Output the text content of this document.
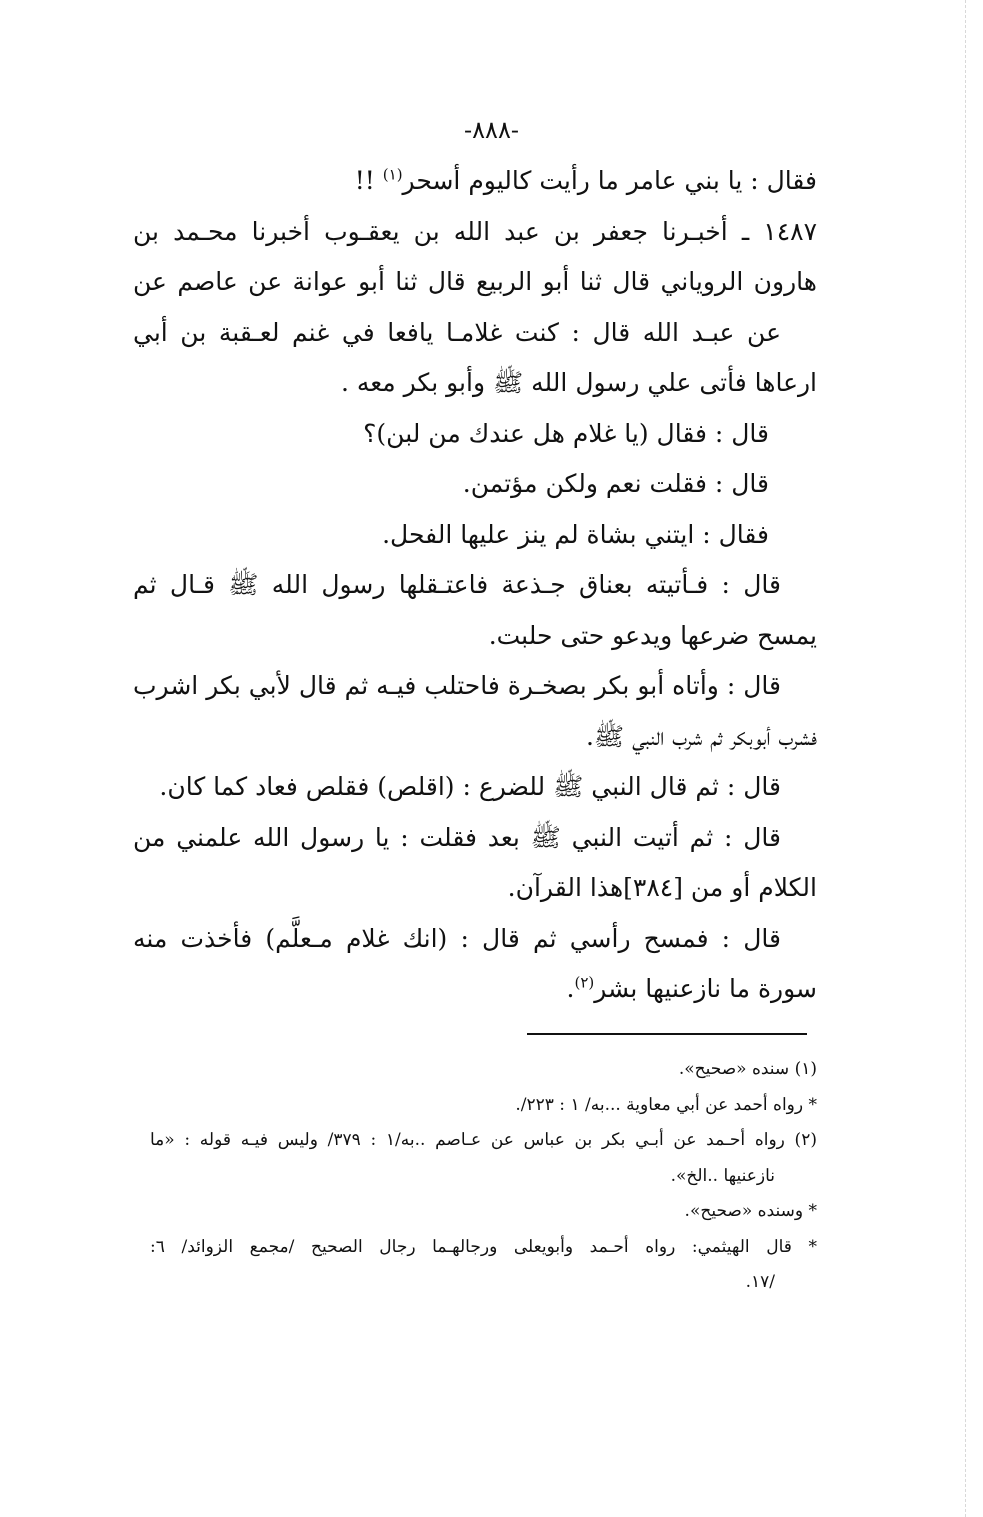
-٨٨٨-
فقال : يا بني عامر ما رأيت كاليوم أسحر$^{(١)}$ !!
١٤٨٧ ـ أخبـرنا جعفر بن عبد الله بن يعقـوب أخبرنا محـمد بن
هارون الروياني قال ثنا أبو الربيع قال ثنا أبو عوانة عن عاصم عن
عن عبـد الله قال : كنت غلامـا يافعا في غنم لعـقبة بن أبي
ارعاها فأتى علي رسول الله ﷺ وأبو بكر معه .
قال : فقال (يا غلام هل عندك من لبن)؟
قال : فقلت نعم ولكن مؤتمن.
فقال : ايتني بشاة لم ينز عليها الفحل.
قال : فـأتيته بعناق جـذعة فاعتـقلها رسول الله ﷺ قـال ثم
يمسح ضرعها ويدعو حتى حلبت.
قال : وأتاه أبو بكر بصخـرة فاحتلب فيـه ثم قال لأبي بكر اشرب
فشرب أبوبكر ثم شرب النبي ﷺ.
قال : ثم قال النبي ﷺ للضرع : (اقلص) فقلص فعاد كما كان.
قال : ثم أتيت النبي ﷺ بعد فقلت : يا رسول الله علمني من
الكلام أو من [٣٨٤]هذا القرآن.
قال : فمسح رأسي ثم قال : (انك غلام مـعلَّم) فأخذت منه
سورة ما نازعنيها بشر$^{(٢)}$.
(١) سنده «صحيح».
* رواه أحمد عن أبي معاوية ...به/ ١ : ٢٢٣/.
(٢) رواه أحـمد عن أبـي بكر بن عباس عن عـاصم ..به/١ : ٣٧٩/ وليس فيـه قوله : «ما
نازعنيها ..الخ».
* وسنده «صحيح».
* قال الهيثمي: رواه أحـمد وأبويعلى ورجالهـما رجال الصحيح /مجمع الزوائد/ ٦:
/١٧.
